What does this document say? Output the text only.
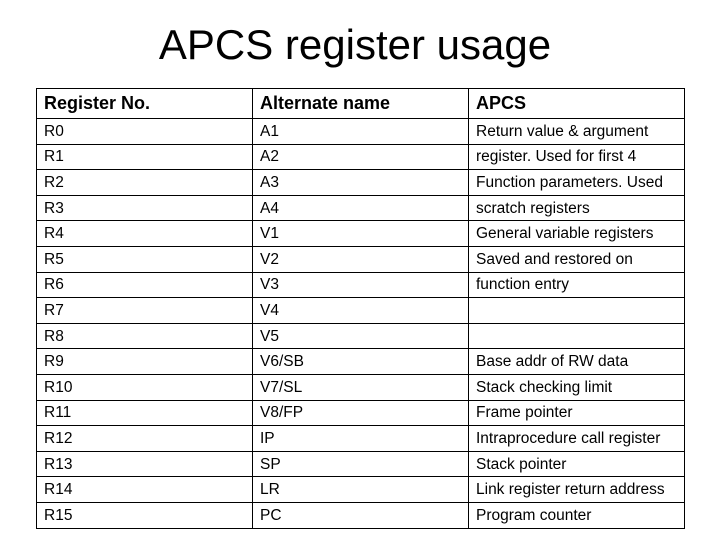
APCS register usage
Register No.	Alternate name	APCS
R0	A1	Return value & argument
R1	A2	register. Used for first 4
R2	A3	Function parameters. Used
R3	A4	scratch registers
R4	V1	General variable registers
R5	V2	Saved and restored on
R6	V3	function entry
R7	V4	
R8	V5	
R9	V6/SB	Base addr of RW data
R10	V7/SL	Stack checking limit
R11	V8/FP	Frame pointer
R12	IP	Intraprocedure call register
R13	SP	Stack pointer
R14	LR	Link register return address
R15	PC	Program counter
